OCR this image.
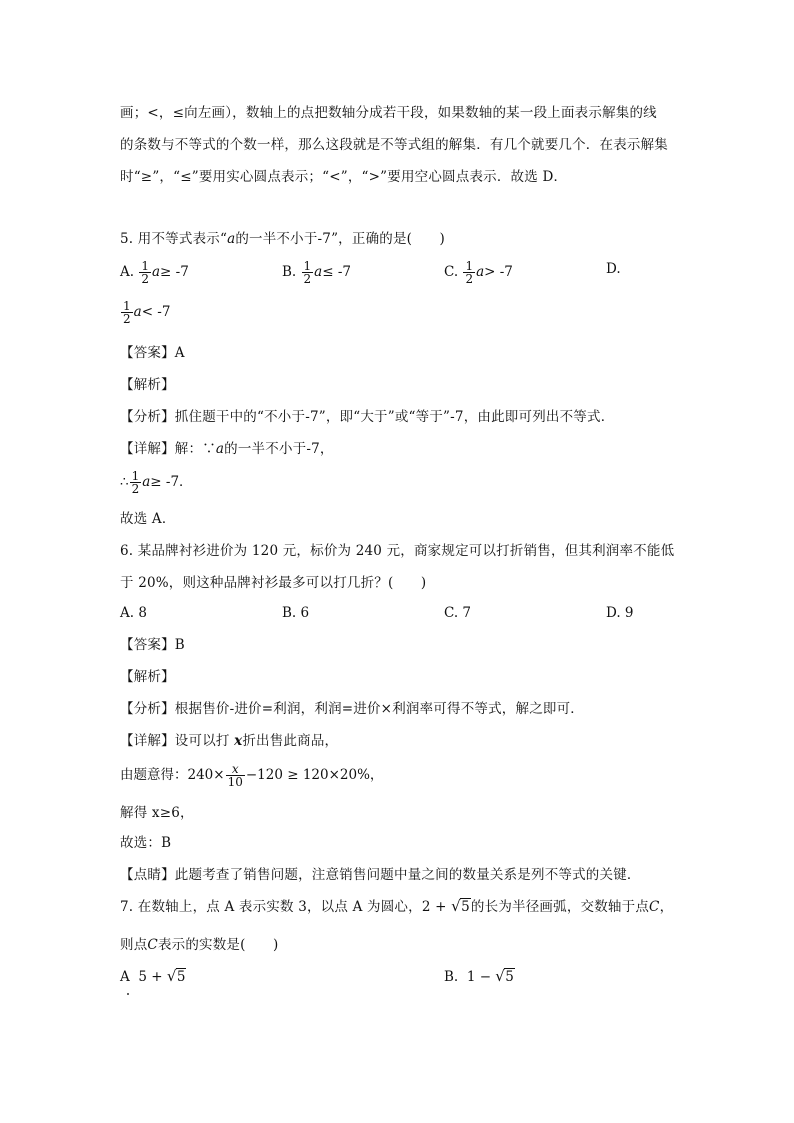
画；<，≤向左画），数轴上的点把数轴分成若干段，如果数轴的某一段上面表示解集的线
的条数与不等式的个数一样，那么这段就是不等式组的解集．有几个就要几个．在表示解集
时“≥”，“≤”要用实心圆点表示；“<”，“>”要用空心圆点表示．故选 D．
5. 用不等式表示“a的一半不小于-7”，正确的是(　　)
A. $\frac{1}{2} a\ge -7$	B. $\frac{1}{2} a\le -7$	C. $\frac{1}{2} a> -7$	D.
$\frac{1}{2} a< -7$
【答案】A
【解析】
【分析】抓住题干中的“不小于-7”，即“大于”或“等于”-7，由此即可列出不等式．
【详解】解：∵a的一半不小于-7，
∴ $\frac{1}{2} a\ge -7$．
故选 A．
6. 某品牌衬衫进价为 120 元，标价为 240 元，商家规定可以打折销售，但其利润率不能低
于 20%，则这种品牌衬衫最多可以打几折？(　　)
A. 8	B. 6	C. 7	D. 9
【答案】B
【解析】
【分析】根据售价-进价=利润，利润=进价×利润率可得不等式，解之即可．
【详解】设可以打 x折出售此商品，
由题意得：$240\times \frac{x}{10} -120 \ge 120\times 20\%$，
解得 x≥6，
故选：B
【点睛】此题考查了销售问题，注意销售问题中量之间的数量关系是列不等式的关键．
7. 在数轴上，点 A 表示实数 3，以点 A 为圆心，2 + √ 5的长为半径画弧，交数轴于点C，
则点C表示的实数是(　　)
A 5 + √ 5	B. 1 − √ 5
